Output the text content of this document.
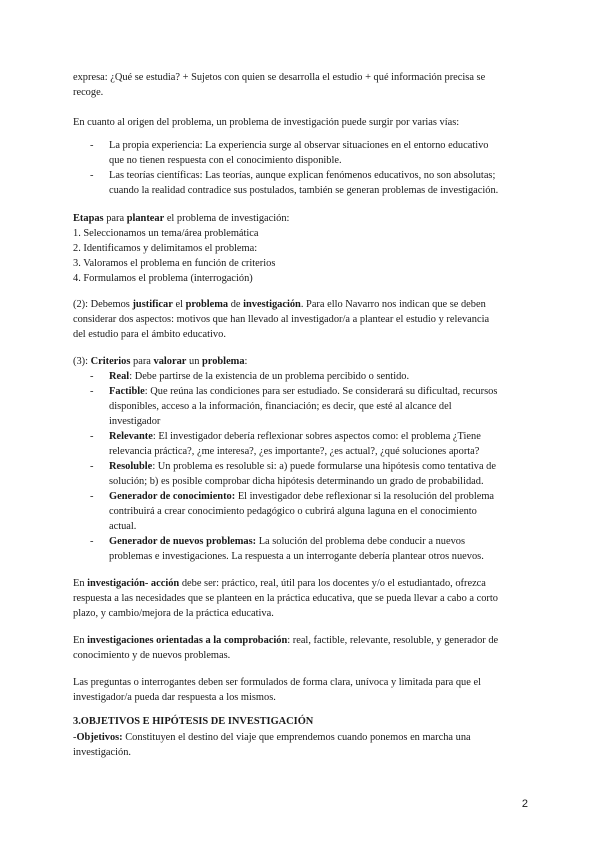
expresa: ¿Qué se estudia? + Sujetos con quien se desarrolla el estudio + qué información precisa se
recoge.

En cuanto al origen del problema, un problema de investigación puede surgir por varias vías:

- La propia experiencia: La experiencia surge al observar situaciones en el entorno educativo
que no tienen respuesta con el conocimiento disponible.
- Las teorías científicas: Las teorías, aunque explican fenómenos educativos, no son absolutas;
cuando la realidad contradice sus postulados, también se generan problemas de investigación.

Etapas para plantear el problema de investigación:
1. Seleccionamos un tema/área problemática
2. Identificamos y delimitamos el problema:
3. Valoramos el problema en función de criterios
4. Formulamos el problema (interrogación)

(2): Debemos justificar el problema de investigación. Para ello Navarro nos indican que se deben
considerar dos aspectos: motivos que han llevado al investigador/a a plantear el estudio y relevancia
del estudio para el ámbito educativo.

(3): Criterios para valorar un problema:

- Real: Debe partirse de la existencia de un problema percibido o sentido.
- Factible: Que reúna las condiciones para ser estudiado. Se considerará su dificultad, recursos
disponibles, acceso a la información, financiación; es decir, que esté al alcance del
investigador
- Relevante: El investigador debería reflexionar sobres aspectos como: el problema ¿Tiene
relevancia práctica?, ¿me interesa?, ¿es importante?, ¿es actual?, ¿qué soluciones aporta?
- Resoluble: Un problema es resoluble si: a) puede formularse una hipótesis como tentativa de
solución; b) es posible comprobar dicha hipótesis determinando un grado de probabilidad.
- Generador de conocimiento: El investigador debe reflexionar si la resolución del problema
contribuirá a crear conocimiento pedagógico o cubrirá alguna laguna en el conocimiento
actual.
- Generador de nuevos problemas: La solución del problema debe conducir a nuevos
problemas e investigaciones. La respuesta a un interrogante debería plantear otros nuevos.

En investigación- acción debe ser: práctico, real, útil para los docentes y/o el estudiantado, ofrezca
respuesta a las necesidades que se planteen en la práctica educativa, que se pueda llevar a cabo a corto
plazo, y cambio/mejora de la práctica educativa.

En investigaciones orientadas a la comprobación: real, factible, relevante, resoluble, y generador de
conocimiento y de nuevos problemas.

Las preguntas o interrogantes deben ser formulados de forma clara, unívoca y limitada para que el
investigador/a pueda dar respuesta a los mismos.

3.OBJETIVOS E HIPÓTESIS DE INVESTIGACIÓN

-Objetivos: Constituyen el destino del viaje que emprendemos cuando ponemos en marcha una
investigación.

2
